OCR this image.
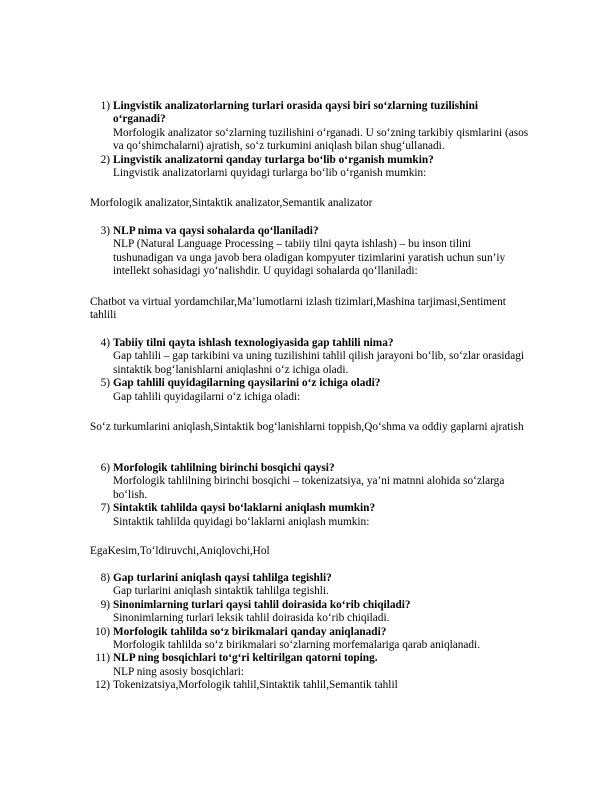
1) Lingvistik analizatorlarning turlari orasida qaysi biri so‘zlarning tuzilishini o‘rganadi?
Morfologik analizator so‘zlarning tuzilishini o‘rganadi. U so‘zning tarkibiy qismlarini (asos va qo‘shimchalarni) ajratish, so‘z turkumini aniqlash bilan shug‘ullanadi.
2) Lingvistik analizatorni qanday turlarga bo‘lib o‘rganish mumkin?
Lingvistik analizatorlarni quyidagi turlarga bo‘lib o‘rganish mumkin:
Morfologik analizator,Sintaktik analizator,Semantik analizator
3) NLP nima va qaysi sohalarda qo‘llaniladi?
NLP (Natural Language Processing – tabiiy tilni qayta ishlash) – bu inson tilini tushunadigan va unga javob bera oladigan kompyuter tizimlarini yaratish uchun sun’iy intellekt sohasidagi yo‘nalishdir. U quyidagi sohalarda qo‘llaniladi:
Chatbot va virtual yordamchilar,Ma’lumotlarni izlash tizimlari,Mashina tarjimasi,Sentiment tahlili
4) Tabiiy tilni qayta ishlash texnologiyasida gap tahlili nima?
Gap tahlili – gap tarkibini va uning tuzilishini tahlil qilish jarayoni bo‘lib, so‘zlar orasidagi sintaktik bog‘lanishlarni aniqlashni o‘z ichiga oladi.
5) Gap tahlili quyidagilarning qaysilarini o‘z ichiga oladi?
Gap tahlili quyidagilarni o‘z ichiga oladi:
So‘z turkumlarini aniqlash,Sintaktik bog‘lanishlarni toppish,Qo‘shma va oddiy gaplarni ajratish
6) Morfologik tahlilning birinchi bosqichi qaysi?
Morfologik tahlilning birinchi bosqichi – tokenizatsiya, ya’ni matnni alohida so‘zlarga bo‘lish.
7) Sintaktik tahlilda qaysi bo‘laklarni aniqlash mumkin?
Sintaktik tahlilda quyidagi bo‘laklarni aniqlash mumkin:
EgaKesim,To‘ldiruvchi,Aniqlovchi,Hol
8) Gap turlarini aniqlash qaysi tahlilga tegishli?
Gap turlarini aniqlash sintaktik tahlilga tegishli.
9) Sinonimlarning turlari qaysi tahlil doirasida ko‘rib chiqiladi?
Sinonimlarning turlari leksik tahlil doirasida ko‘rib chiqiladi.
10) Morfologik tahlilda so‘z birikmalari qanday aniqlanadi?
Morfologik tahlilda so‘z birikmalari so‘zlarning morfemalariga qarab aniqlanadi.
11) NLP ning bosqichlari to‘g‘ri keltirilgan qatorni toping.
NLP ning asosiy bosqichlari:
12) Tokenizatsiya,Morfologik tahlil,Sintaktik tahlil,Semantik tahlil
